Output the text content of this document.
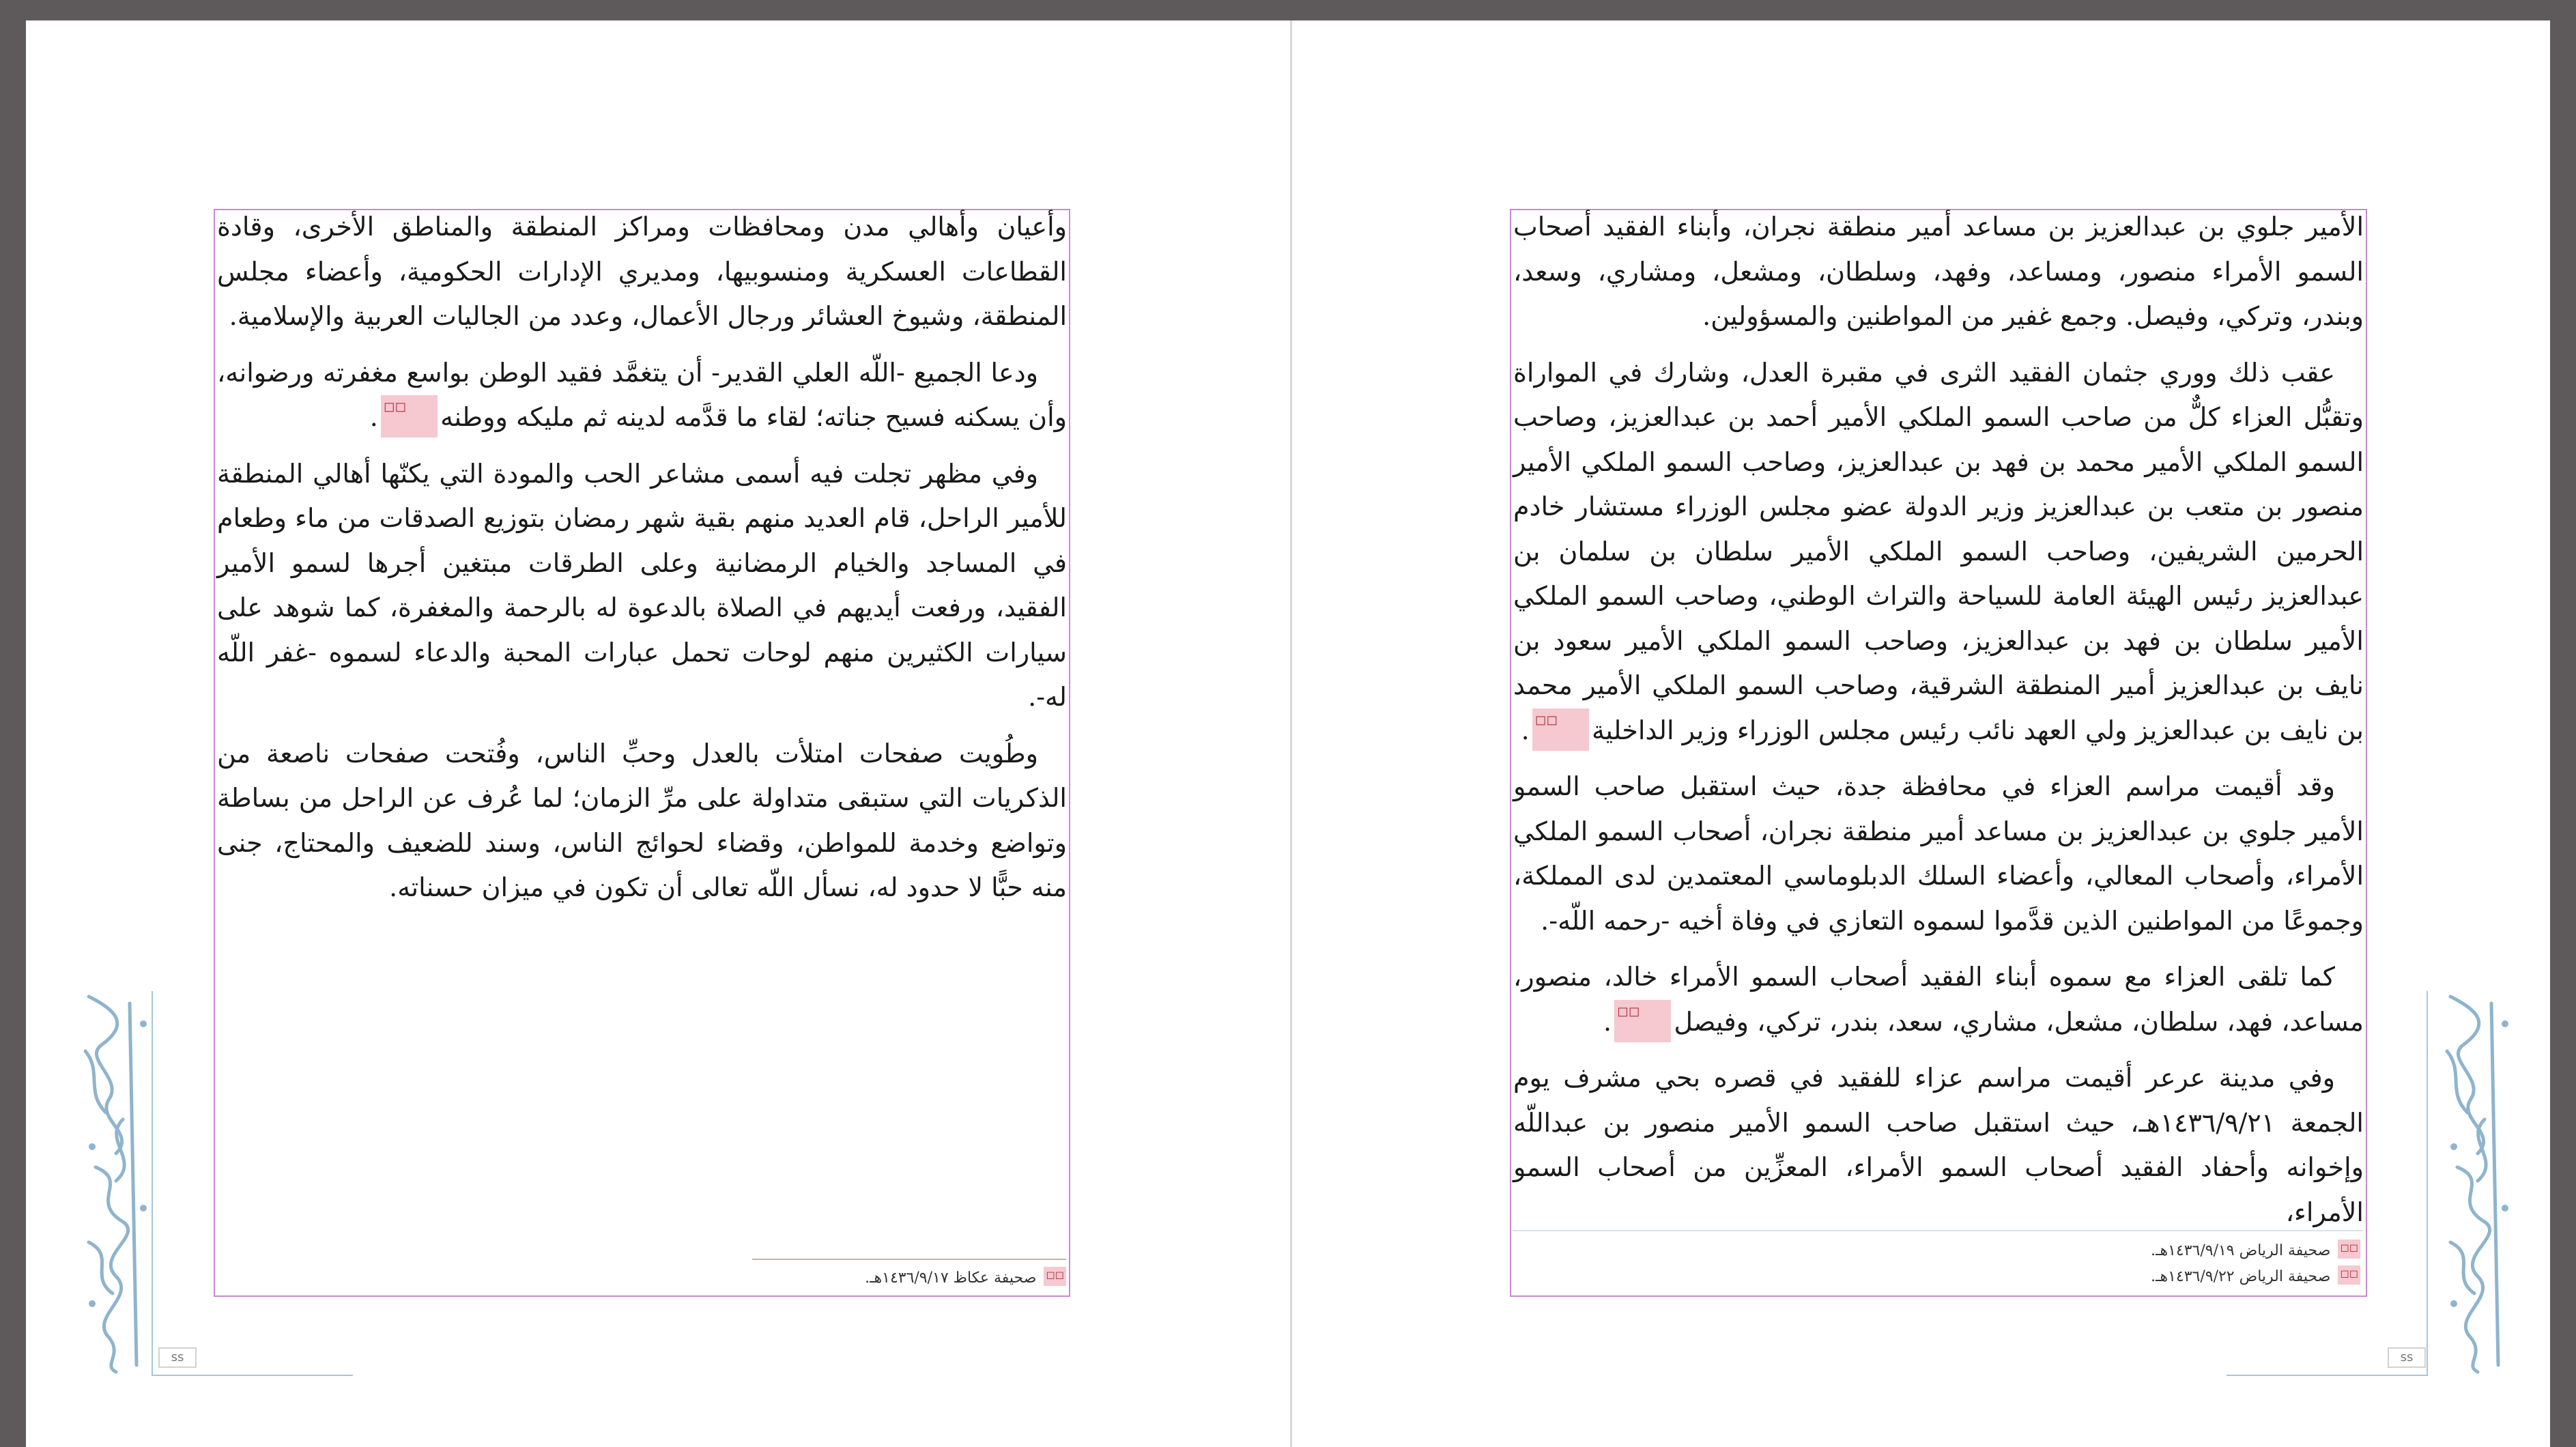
وأعيان وأهالي مدن ومحافظات ومراكز المنطقة والمناطق الأخرى، وقادة القطاعات العسكرية ومنسوبيها، ومديري الإدارات الحكومية، وأعضاء مجلس المنطقة، وشيوخ العشائر ورجال الأعمال، وعدد من الجاليات العربية والإسلامية.

ودعا الجميع -اللّه العلي القدير- أن يتغمَّد فقيد الوطن بواسع مغفرته ورضوانه، وأن يسكنه فسيح جناته؛ لقاء ما قدَّمه لدينه ثم مليكه ووطنه◻◻.

وفي مظهر تجلت فيه أسمى مشاعر الحب والمودة التي يكنّها أهالي المنطقة للأمير الراحل، قام العديد منهم بقية شهر رمضان بتوزيع الصدقات من ماء وطعام في المساجد والخيام الرمضانية وعلى الطرقات مبتغين أجرها لسمو الأمير الفقيد، ورفعت أيديهم في الصلاة بالدعوة له بالرحمة والمغفرة، كما شوهد على سيارات الكثيرين منهم لوحات تحمل عبارات المحبة والدعاء لسموه -غفر اللّه له-.

وطُويت صفحات امتلأت بالعدل وحبِّ الناس، وفُتحت صفحات ناصعة من الذكريات التي ستبقى متداولة على مرِّ الزمان؛ لما عُرف عن الراحل من بساطة وتواضع وخدمة للمواطن، وقضاء لحوائج الناس، وسند للضعيف والمحتاج، جنى منه حبًّا لا حدود له، نسأل اللّه تعالى أن تكون في ميزان حسناته.

◻◻ صحيفة عكاظ ١٤٣٦/٩/١٧هـ.
ss

الأمير جلوي بن عبدالعزيز بن مساعد أمير منطقة نجران، وأبناء الفقيد أصحاب السمو الأمراء منصور، ومساعد، وفهد، وسلطان، ومشعل، ومشاري، وسعد، وبندر، وتركي، وفيصل. وجمع غفير من المواطنين والمسؤولين.

عقب ذلك ووري جثمان الفقيد الثرى في مقبرة العدل، وشارك في المواراة وتقبُّل العزاء كلٌّ من صاحب السمو الملكي الأمير أحمد بن عبدالعزيز، وصاحب السمو الملكي الأمير محمد بن فهد بن عبدالعزيز، وصاحب السمو الملكي الأمير منصور بن متعب بن عبدالعزيز وزير الدولة عضو مجلس الوزراء مستشار خادم الحرمين الشريفين، وصاحب السمو الملكي الأمير سلطان بن سلمان بن عبدالعزيز رئيس الهيئة العامة للسياحة والتراث الوطني، وصاحب السمو الملكي الأمير سلطان بن فهد بن عبدالعزيز، وصاحب السمو الملكي الأمير سعود بن نايف بن عبدالعزيز أمير المنطقة الشرقية، وصاحب السمو الملكي الأمير محمد بن نايف بن عبدالعزيز ولي العهد نائب رئيس مجلس الوزراء وزير الداخلية◻◻.

وقد أقيمت مراسم العزاء في محافظة جدة، حيث استقبل صاحب السمو الأمير جلوي بن عبدالعزيز بن مساعد أمير منطقة نجران، أصحاب السمو الملكي الأمراء، وأصحاب المعالي، وأعضاء السلك الدبلوماسي المعتمدين لدى المملكة، وجموعًا من المواطنين الذين قدَّموا لسموه التعازي في وفاة أخيه -رحمه اللّه-.

كما تلقى العزاء مع سموه أبناء الفقيد أصحاب السمو الأمراء خالد، منصور، مساعد، فهد، سلطان، مشعل، مشاري، سعد، بندر، تركي، وفيصل◻◻.

وفي مدينة عرعر أقيمت مراسم عزاء للفقيد في قصره بحي مشرف يوم الجمعة ١٤٣٦/٩/٢١هـ، حيث استقبل صاحب السمو الأمير منصور بن عبداللّه وإخوانه وأحفاد الفقيد أصحاب السمو الأمراء، المعزِّين من أصحاب السمو الأمراء،

◻◻ صحيفة الرياض ١٤٣٦/٩/١٩هـ.
◻◻ صحيفة الرياض ١٤٣٦/٩/٢٢هـ.
ss
